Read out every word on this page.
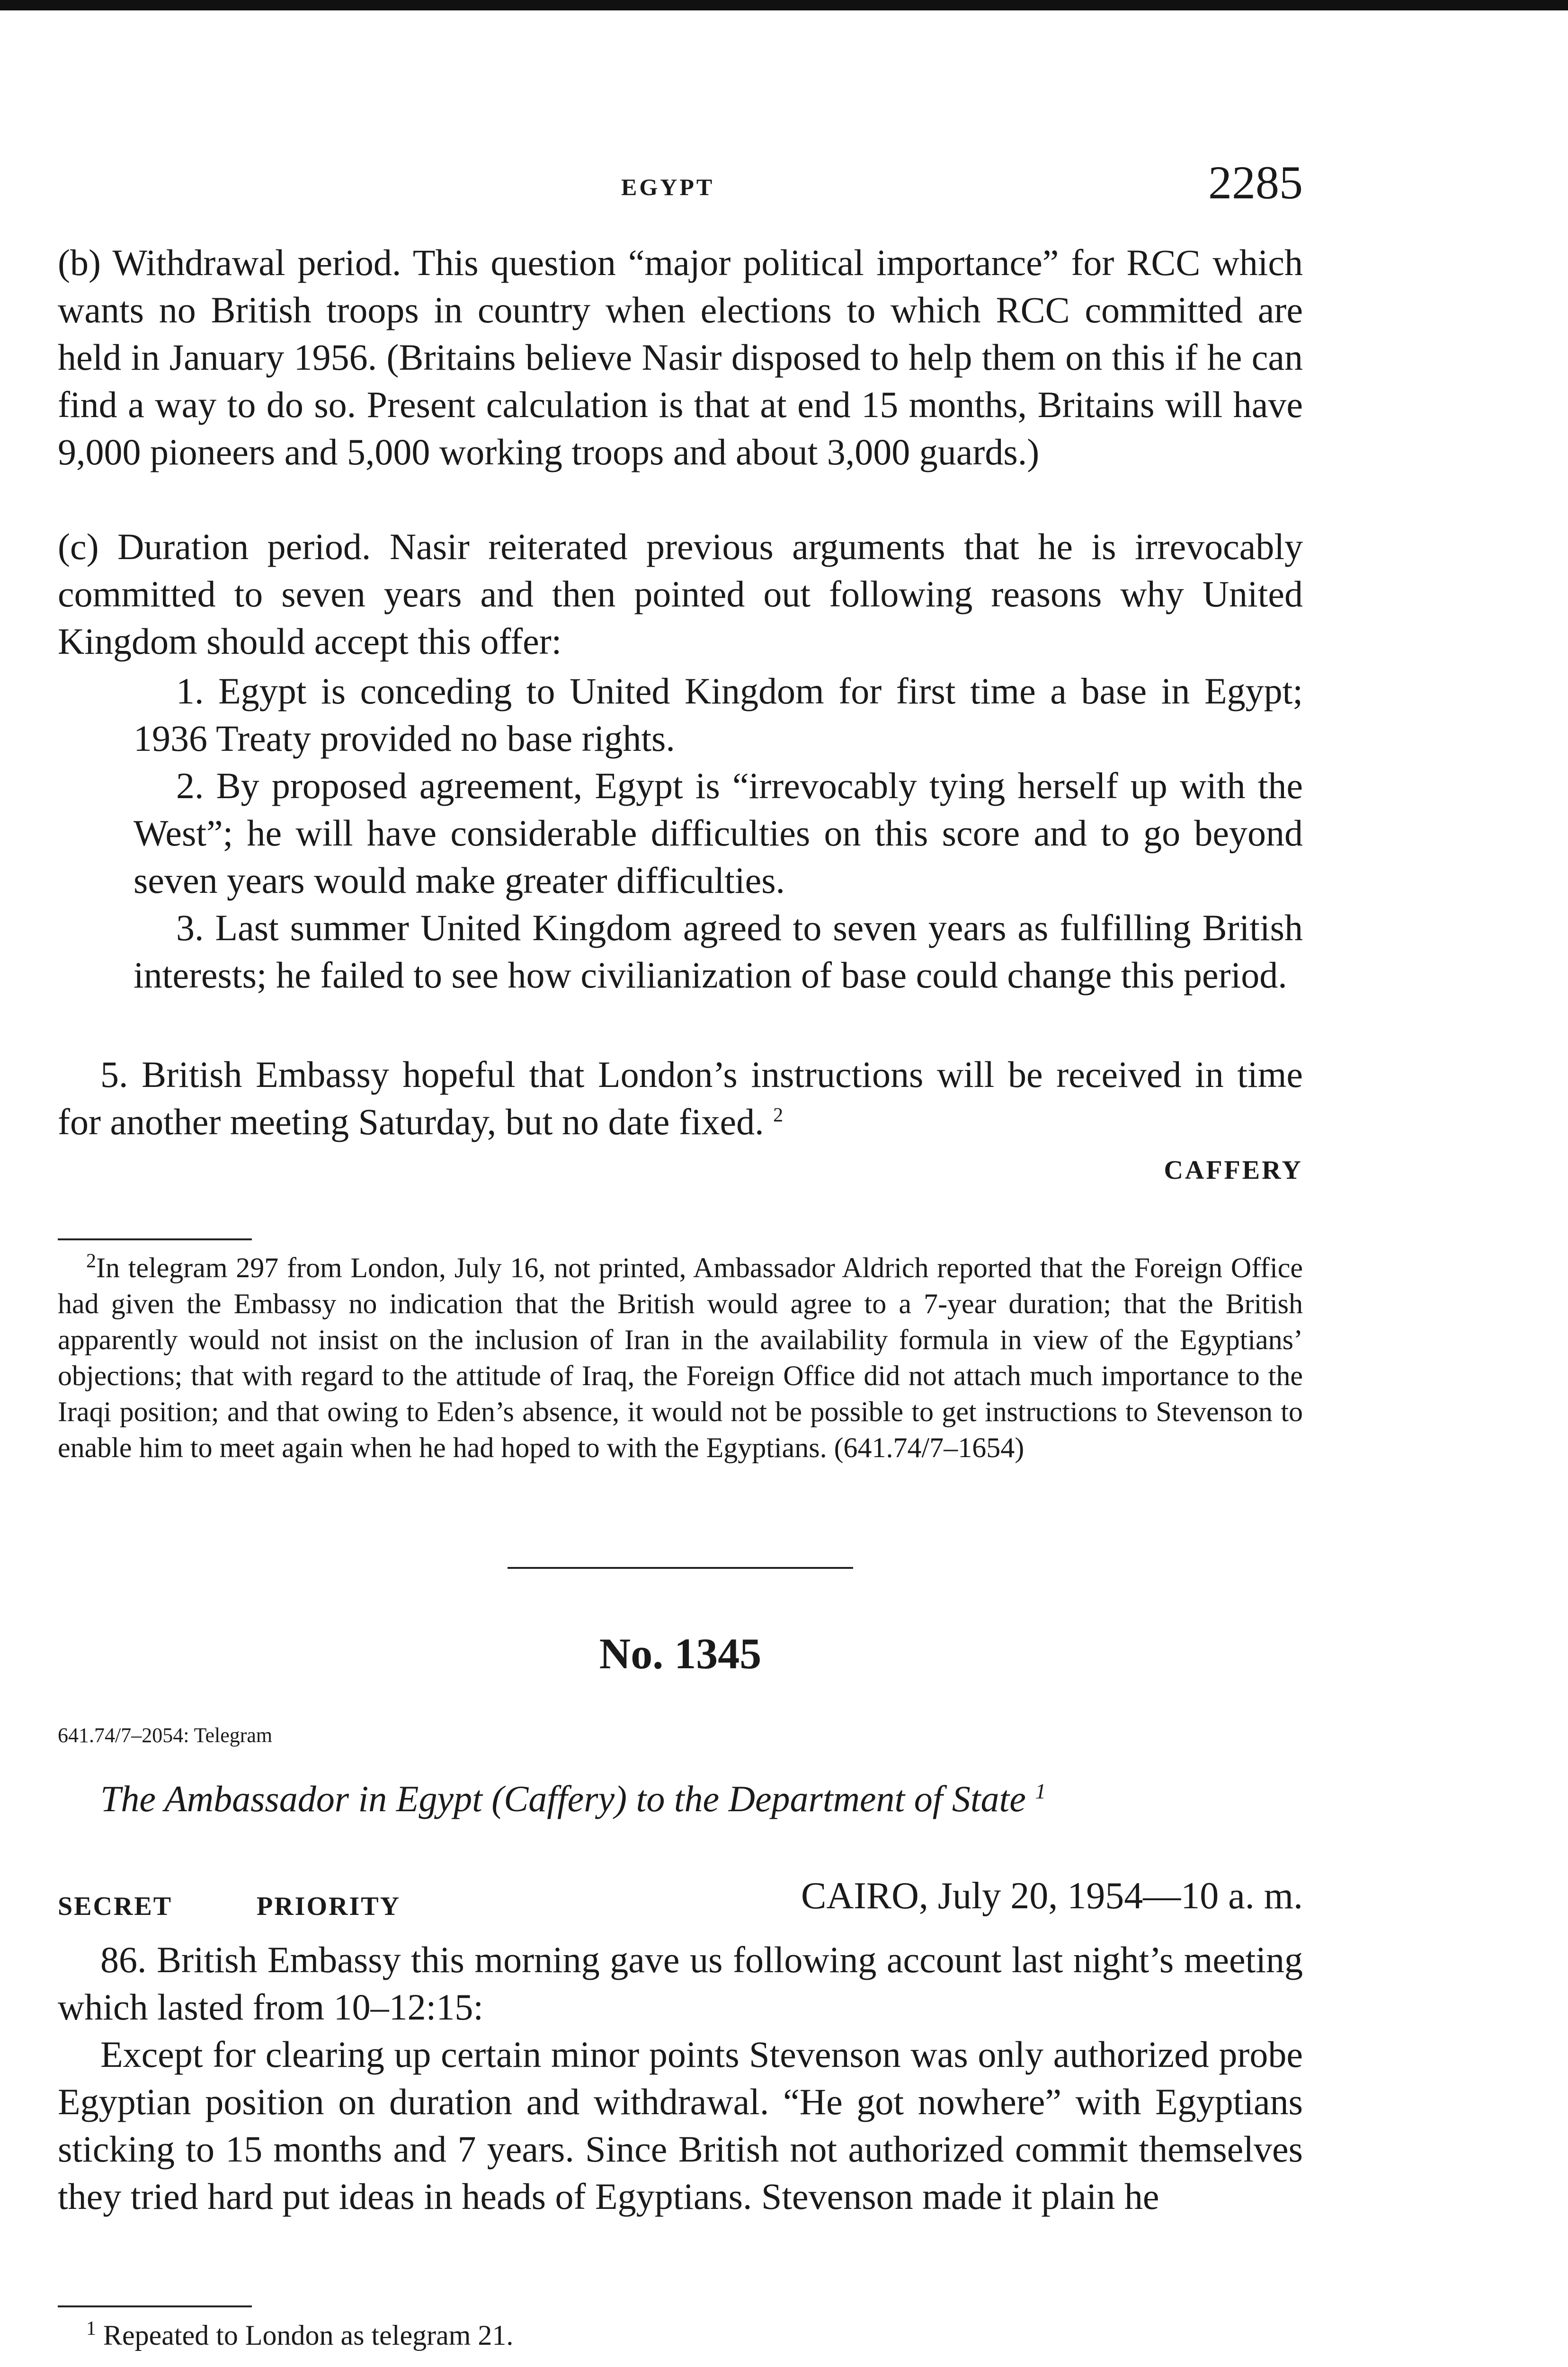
EGYPT	2285

(b) Withdrawal period. This question “major political importance” for RCC which wants no British troops in country when elections to which RCC committed are held in January 1956. (Britains believe Nasir disposed to help them on this if he can find a way to do so. Present calculation is that at end 15 months, Britains will have 9,000 pioneers and 5,000 working troops and about 3,000 guards.)

(c) Duration period. Nasir reiterated previous arguments that he is irrevocably committed to seven years and then pointed out following reasons why United Kingdom should accept this offer:

1. Egypt is conceding to United Kingdom for first time a base in Egypt; 1936 Treaty provided no base rights.

2. By proposed agreement, Egypt is “irrevocably tying herself up with the West”; he will have considerable difficulties on this score and to go beyond seven years would make greater difficulties.

3. Last summer United Kingdom agreed to seven years as fulfilling British interests; he failed to see how civilianization of base could change this period.

5. British Embassy hopeful that London’s instructions will be received in time for another meeting Saturday, but no date fixed. $^2$

CAFFERY

$^2$In telegram 297 from London, July 16, not printed, Ambassador Aldrich reported that the Foreign Office had given the Embassy no indication that the British would agree to a 7-year duration; that the British apparently would not insist on the inclusion of Iran in the availability formula in view of the Egyptians’ objections; that with regard to the attitude of Iraq, the Foreign Office did not attach much importance to the Iraqi position; and that owing to Eden’s absence, it would not be possible to get instructions to Stevenson to enable him to meet again when he had hoped to with the Egyptians. (641.74/7–1654)

No. 1345
641.74/7–2054: Telegram

The Ambassador in Egypt (Caffery) to the Department of State $^1$

SECRET	PRIORITY	CAIRO, July 20, 1954—10 a. m.

86. British Embassy this morning gave us following account last night’s meeting which lasted from 10–12:15:

Except for clearing up certain minor points Stevenson was only authorized probe Egyptian position on duration and withdrawal. “He got nowhere” with Egyptians sticking to 15 months and 7 years. Since British not authorized commit themselves they tried hard put ideas in heads of Egyptians. Stevenson made it plain he

$^1$ Repeated to London as telegram 21.
